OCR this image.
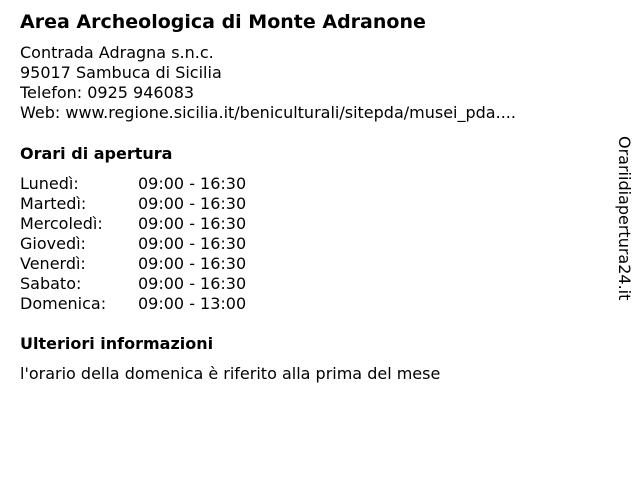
Area Archeologica di Monte Adranone
Contrada Adragna s.n.c.
95017 Sambuca di Sicilia
Telefon: 0925 946083
Web: www.regione.sicilia.it/beniculturali/sitepda/musei_pda....
Orari di apertura
Lunedì:	09:00 - 16:30
Martedì:	09:00 - 16:30
Mercoledì: 09:00 - 16:30
Giovedì:	09:00 - 16:30
Venerdì:	09:00 - 16:30
Sabato:	09:00 - 16:30
Domenica: 09:00 - 13:00
Ulteriori informazioni
l'orario della domenica è riferito alla prima del mese
Orariidiapertura24.it
